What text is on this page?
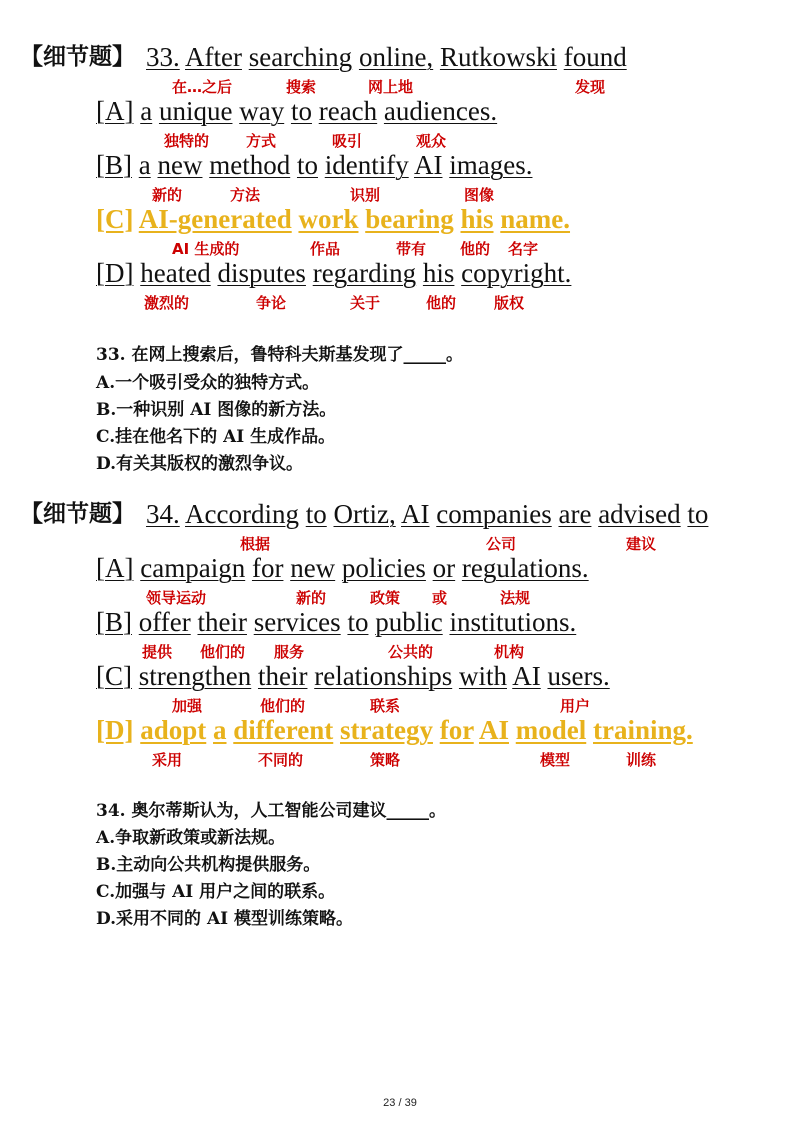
【细节题】 33. After searching online, Rutkowski found
在…之后	搜索	网上地	发现
[A] a unique way to reach audiences.
独特的 方式	吸引	观众
[B] a new method to identify AI images.
新的	方法	识别	图像
[C] AI-generated work bearing his name.
AI 生成的	作品	带有 他的 名字
[D] heated disputes regarding his copyright.
激烈的	争论	关于	他的	版权
33. 在网上搜索后，鲁特科夫斯基发现了_____。
A.一个吸引受众的独特方式。
B.一种识别 AI 图像的新方法。
C.挂在他名下的 AI 生成作品。
D.有关其版权的激烈争议。
【细节题】 34. According to Ortiz, AI companies are advised to
根据	公司	建议
[A] campaign for new policies or regulations.
领导运动	新的	政策 或	法规
[B] offer their services to public institutions.
提供 他们的 服务	公共的	机构
[C] strengthen their relationships with AI users.
加强	他们的	联系	用户
[D] adopt a different strategy for AI model training.
采用	不同的	策略	模型	训练
34. 奥尔蒂斯认为，人工智能公司建议_____。
A.争取新政策或新法规。
B.主动向公共机构提供服务。
C.加强与 AI 用户之间的联系。
D.采用不同的 AI 模型训练策略。
23 / 39
